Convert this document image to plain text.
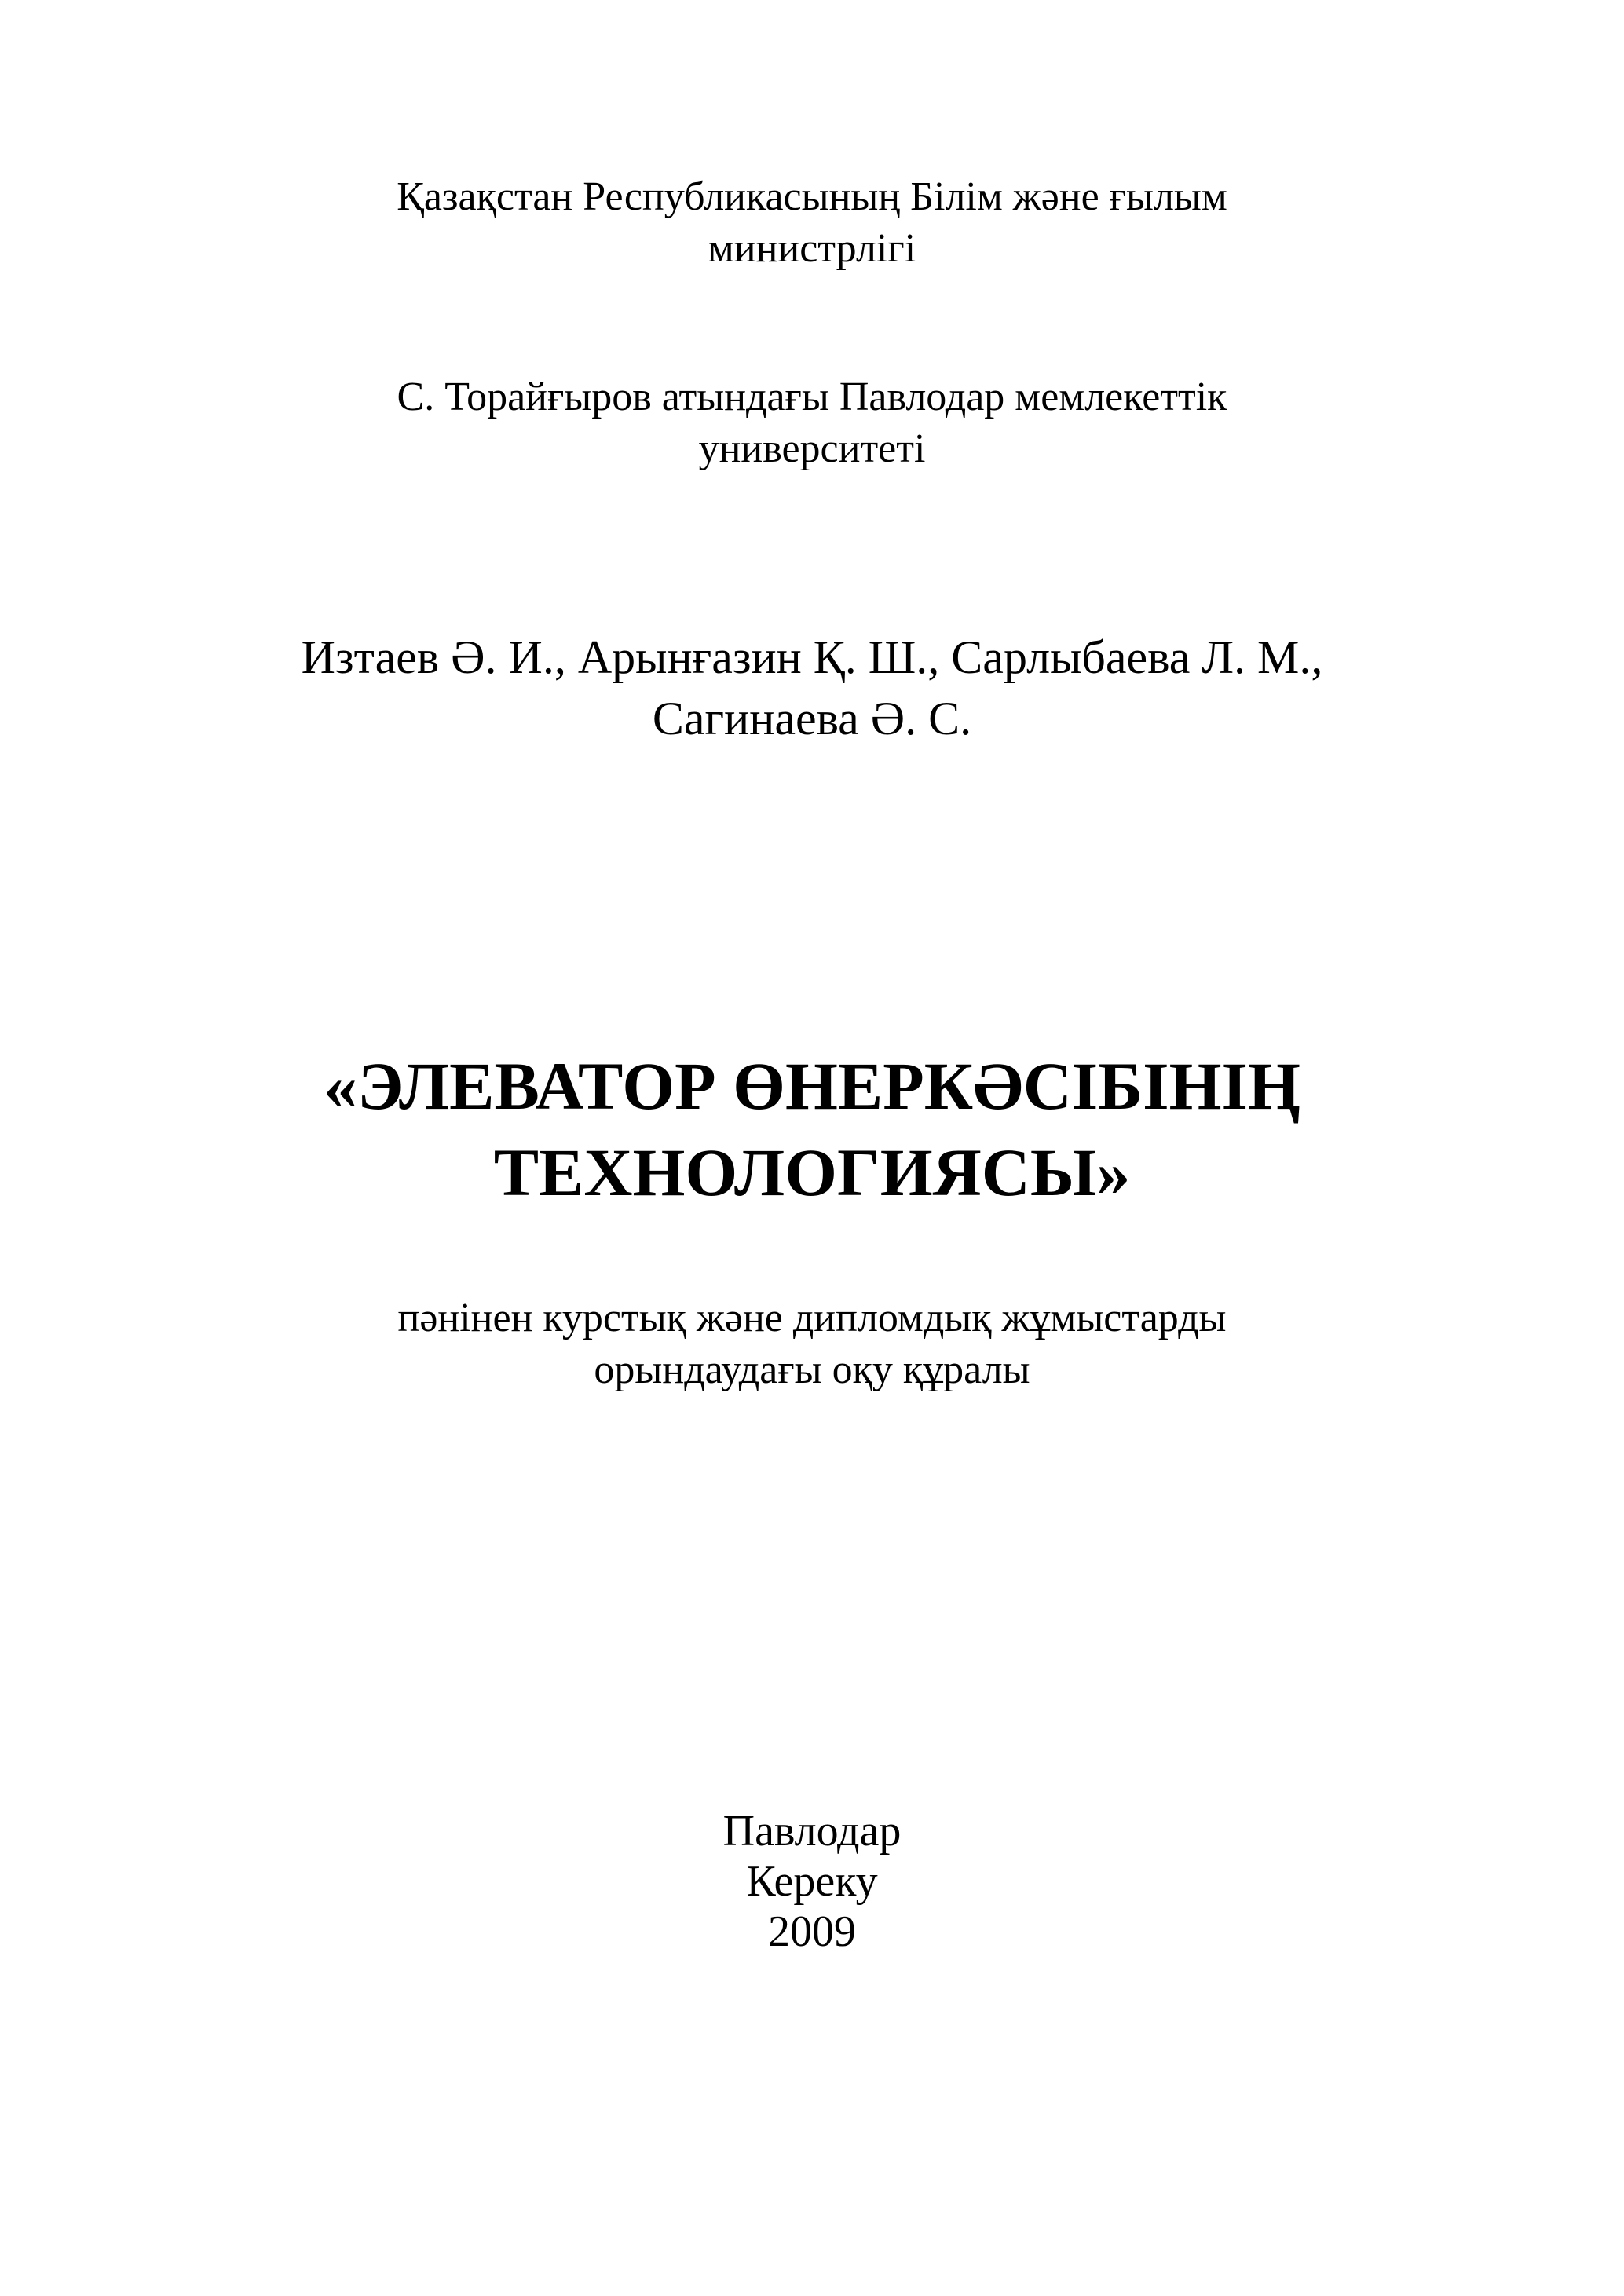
Қазақстан Республикасының Білім және ғылым
министрлігі
С. Торайғыров атындағы Павлодар мемлекеттік
университеті
Изтаев Ә. И., Арынғазин Қ. Ш., Сарлыбаева Л. М.,
Сагинаева Ә. С.
«ЭЛЕВАТОР ӨНЕРКӘСІБІНІҢ
ТЕХНОЛОГИЯСЫ»
пәнінен курстық және дипломдық жұмыстарды
орындаудағы оқу құралы
Павлодар
Кереку
2009
